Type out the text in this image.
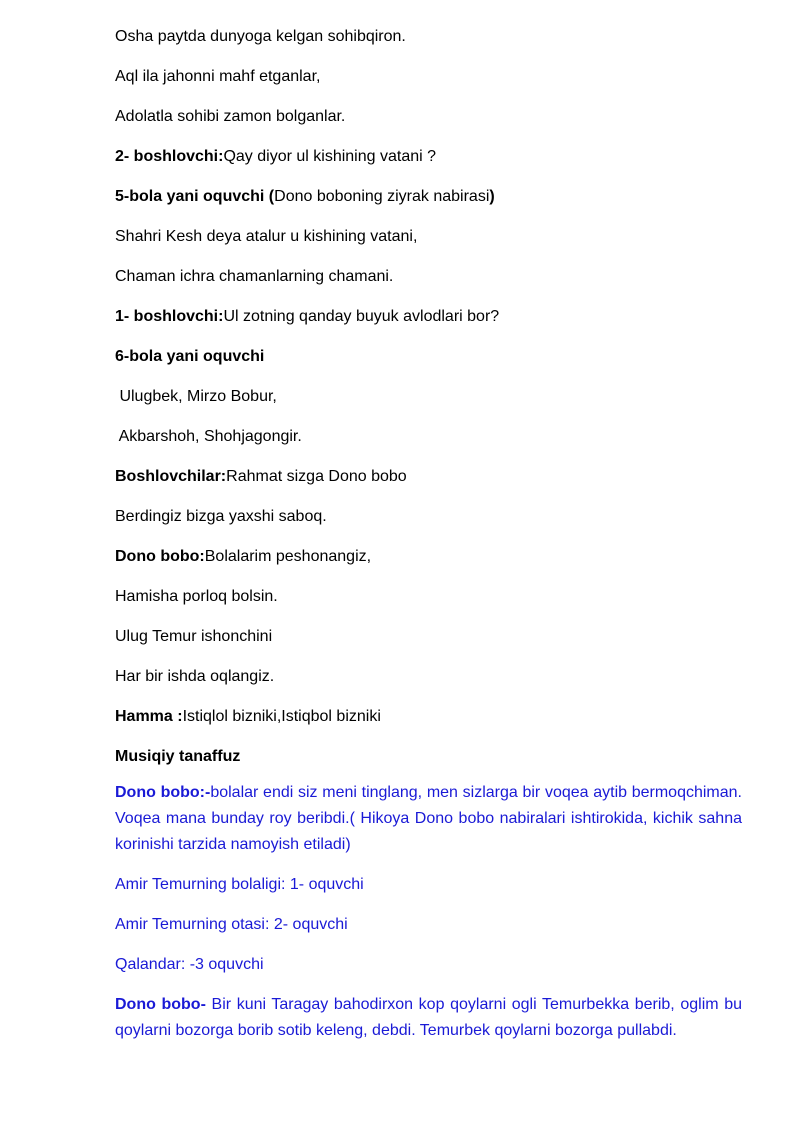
Osha paytda dunyoga kelgan sohibqiron.
Aql ila jahonni mahf etganlar,
Adolatla sohibi zamon bolganlar.
2- boshlovchi:Qay diyor ul kishining vatani ?
5-bola yani oquvchi (Dono boboning ziyrak nabirasi)
Shahri Kesh deya atalur u kishining vatani,
Chaman ichra chamanlarning chamani.
1- boshlovchi:Ul zotning qanday buyuk avlodlari bor?
6-bola yani oquvchi
Ulugbek, Mirzo Bobur,
Akbarshoh, Shohjagongir.
Boshlovchilar:Rahmat sizga Dono bobo
Berdingiz bizga yaxshi saboq.
Dono bobo:Bolalarim peshonangiz,
Hamisha porloq bolsin.
Ulug Temur ishonchini
Har bir ishda oqlangiz.
Hamma :Istiqlol bizniki,Istiqbol bizniki
Musiqiy tanaffuz
Dono bobo:-bolalar endi siz meni tinglang, men sizlarga bir voqea aytib bermoqchiman. Voqea mana bunday roy beribdi.( Hikoya Dono bobo nabiralari ishtirokida, kichik sahna korinishi tarzida namoyish etiladi)
Amir Temurning bolaligi: 1- oquvchi
Amir Temurning otasi: 2- oquvchi
Qalandar: -3 oquvchi
Dono bobo- Bir kuni Taragay bahodirxon kop qoylarni ogli Temurbekka berib, oglim bu qoylarni bozorga borib sotib keleng, debdi. Temurbek qoylarni bozorga pullabdi.
